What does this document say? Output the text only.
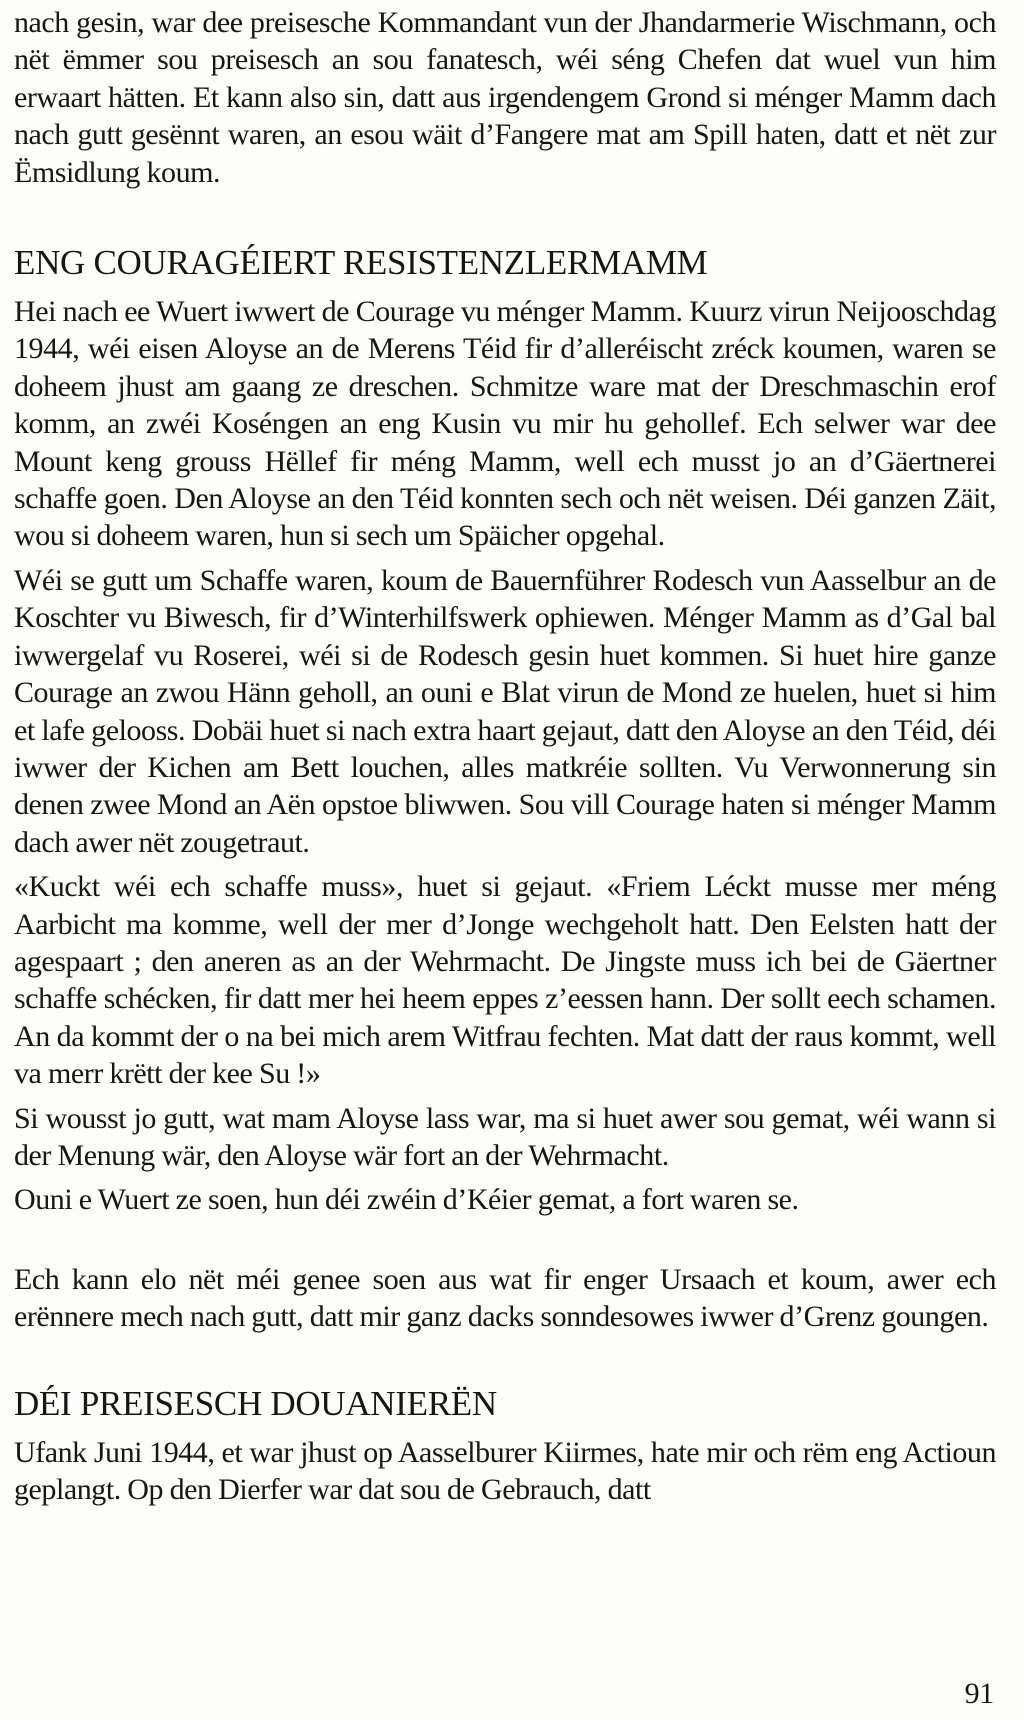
nach gesin, war dee preisesche Kommandant vun der Jhandarmerie Wischmann, och nët ëmmer sou preisesch an sou fanatesch, wéi séng Chefen dat wuel vun him erwaart hätten. Et kann also sin, datt aus irgendengem Grond si ménger Mamm dach nach gutt gesënnt waren, an esou wäit d’Fangere mat am Spill haten, datt et nët zur Ëmsidlung koum.

ENG COURAGÉIERT RESISTENZLERMAMM

Hei nach ee Wuert iwwert de Courage vu ménger Mamm. Kuurz virun Neijooschdag 1944, wéi eisen Aloyse an de Merens Téid fir d’alleréischt zréck koumen, waren se doheem jhust am gaang ze dreschen. Schmitze ware mat der Dreschmaschin erof komm, an zwéi Koséngen an eng Kusin vu mir hu gehollef. Ech selwer war dee Mount keng grouss Hëllef fir méng Mamm, well ech musst jo an d’Gäertnerei schaffe goen. Den Aloyse an den Téid konnten sech och nët weisen. Déi ganzen Zäit, wou si doheem waren, hun si sech um Späicher opgehal.

Wéi se gutt um Schaffe waren, koum de Bauernführer Rodesch vun Aasselbur an de Koschter vu Biwesch, fir d’Winterhilfswerk ophiewen. Ménger Mamm as d’Gal bal iwwergelaf vu Roserei, wéi si de Rodesch gesin huet kommen. Si huet hire ganze Courage an zwou Hänn geholl, an ouni e Blat virun de Mond ze huelen, huet si him et lafe gelooss. Dobäi huet si nach extra haart gejaut, datt den Aloyse an den Téid, déi iwwer der Kichen am Bett louchen, alles matkréie sollten. Vu Verwonnerung sin denen zwee Mond an Aën opstoe bliwwen. Sou vill Courage haten si ménger Mamm dach awer nët zougetraut.

«Kuckt wéi ech schaffe muss», huet si gejaut. «Friem Léckt musse mer méng Aarbicht ma komme, well der mer d’Jonge wechgeholt hatt. Den Eelsten hatt der agespaart ; den aneren as an der Wehrmacht. De Jingste muss ich bei de Gäertner schaffe schécken, fir datt mer hei heem eppes z’eessen hann. Der sollt eech schamen. An da kommt der o na bei mich arem Witfrau fechten. Mat datt der raus kommt, well va merr krëtt der kee Su !»

Si wousst jo gutt, wat mam Aloyse lass war, ma si huet awer sou gemat, wéi wann si der Menung wär, den Aloyse wär fort an der Wehrmacht.

Ouni e Wuert ze soen, hun déi zwéin d’Kéier gemat, a fort waren se.

Ech kann elo nët méi genee soen aus wat fir enger Ursaach et koum, awer ech erënnere mech nach gutt, datt mir ganz dacks sonndesowes iwwer d’Grenz goungen.

DÉI PREISESCH DOUANIERËN

Ufank Juni 1944, et war jhust op Aasselburer Kiirmes, hate mir och rëm eng Actioun geplangt. Op den Dierfer war dat sou de Gebrauch, datt

91
